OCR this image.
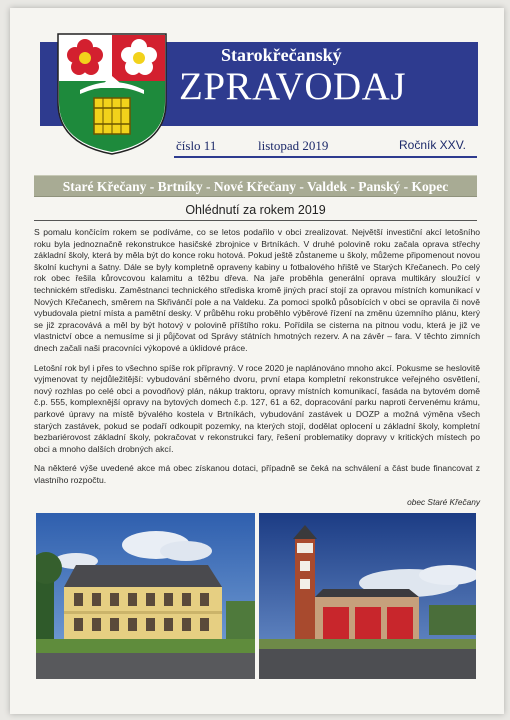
Starokřečanský
ZPRAVODAJ
číslo 11	listopad 2019	Ročník XXV.
Staré Křečany - Brtníky - Nové Křečany - Valdek - Panský - Kopec
Ohlédnutí za rokem 2019

S pomalu končícím rokem se podíváme, co se letos podařilo v obci zrealizovat. Největší investiční akcí letošního roku byla jednoznačně rekonstrukce hasičské zbrojnice v Brtníkách. V druhé polovině roku začala oprava střechy základní školy, která by měla být do konce roku hotová. Pokud ještě zůstaneme u školy, můžeme připomenout novou školní kuchyni a šatny. Dále se byly kompletně opraveny kabiny u fotbalového hřiště ve Starých Křečanech. Po celý rok obec řešila kůrovcovou kalamitu a těžbu dřeva. Na jaře proběhla generální oprava multikáry sloužící v technickém středisku. Zaměstnanci technického střediska kromě jiných prací stojí za opravou místních komunikací v Nových Křečanech, směrem na Skřivánčí pole a na Valdeku. Za pomoci spolků působících v obci se opravila či nově vybudovala pietní místa a pamětní desky. V průběhu roku proběhlo výběrové řízení na změnu územního plánu, který se již zpracovává a měl by být hotový v polovině příštího roku. Pořídila se cisterna na pitnou vodu, která je již ve vlastnictví obce a nemusíme si ji půjčovat od Správy státních hmotných rezerv. A na závěr – fara. V těchto zimních dnech začali naši pracovníci výkopové a úklidové práce.

Letošní rok byl i přes to všechno spíše rok přípravný. V roce 2020 je naplánováno mnoho akcí. Pokusme se heslovitě vyjmenovat ty nejdůležitější: vybudování sběrného dvoru, první etapa kompletní rekonstrukce veřejného osvětlení, nový rozhlas po celé obci a povodňový plán, nákup traktoru, opravy místních komunikací, fasáda na bytovém domě č.p. 555, komplexnější opravy na bytových domech č.p. 127, 61 a 62, dopracování parku naproti červenému krámu, parkové úpravy na místě bývalého kostela v Brtníkách, vybudování zastávek u DOZP a možná výměna všech starých zastávek, pokud se podaří odkoupit pozemky, na kterých stojí, dodělat oplocení u základní školy, kompletní bezbariérovost základní školy, pokračovat v rekonstrukci fary, řešení problematiky dopravy v kritických místech po obci a mnoho dalších drobných akcí.

Na některé výše uvedené akce má obec získanou dotaci, případně se čeká na schválení a část bude financovat z vlastního rozpočtu.

obec Staré Křečany
